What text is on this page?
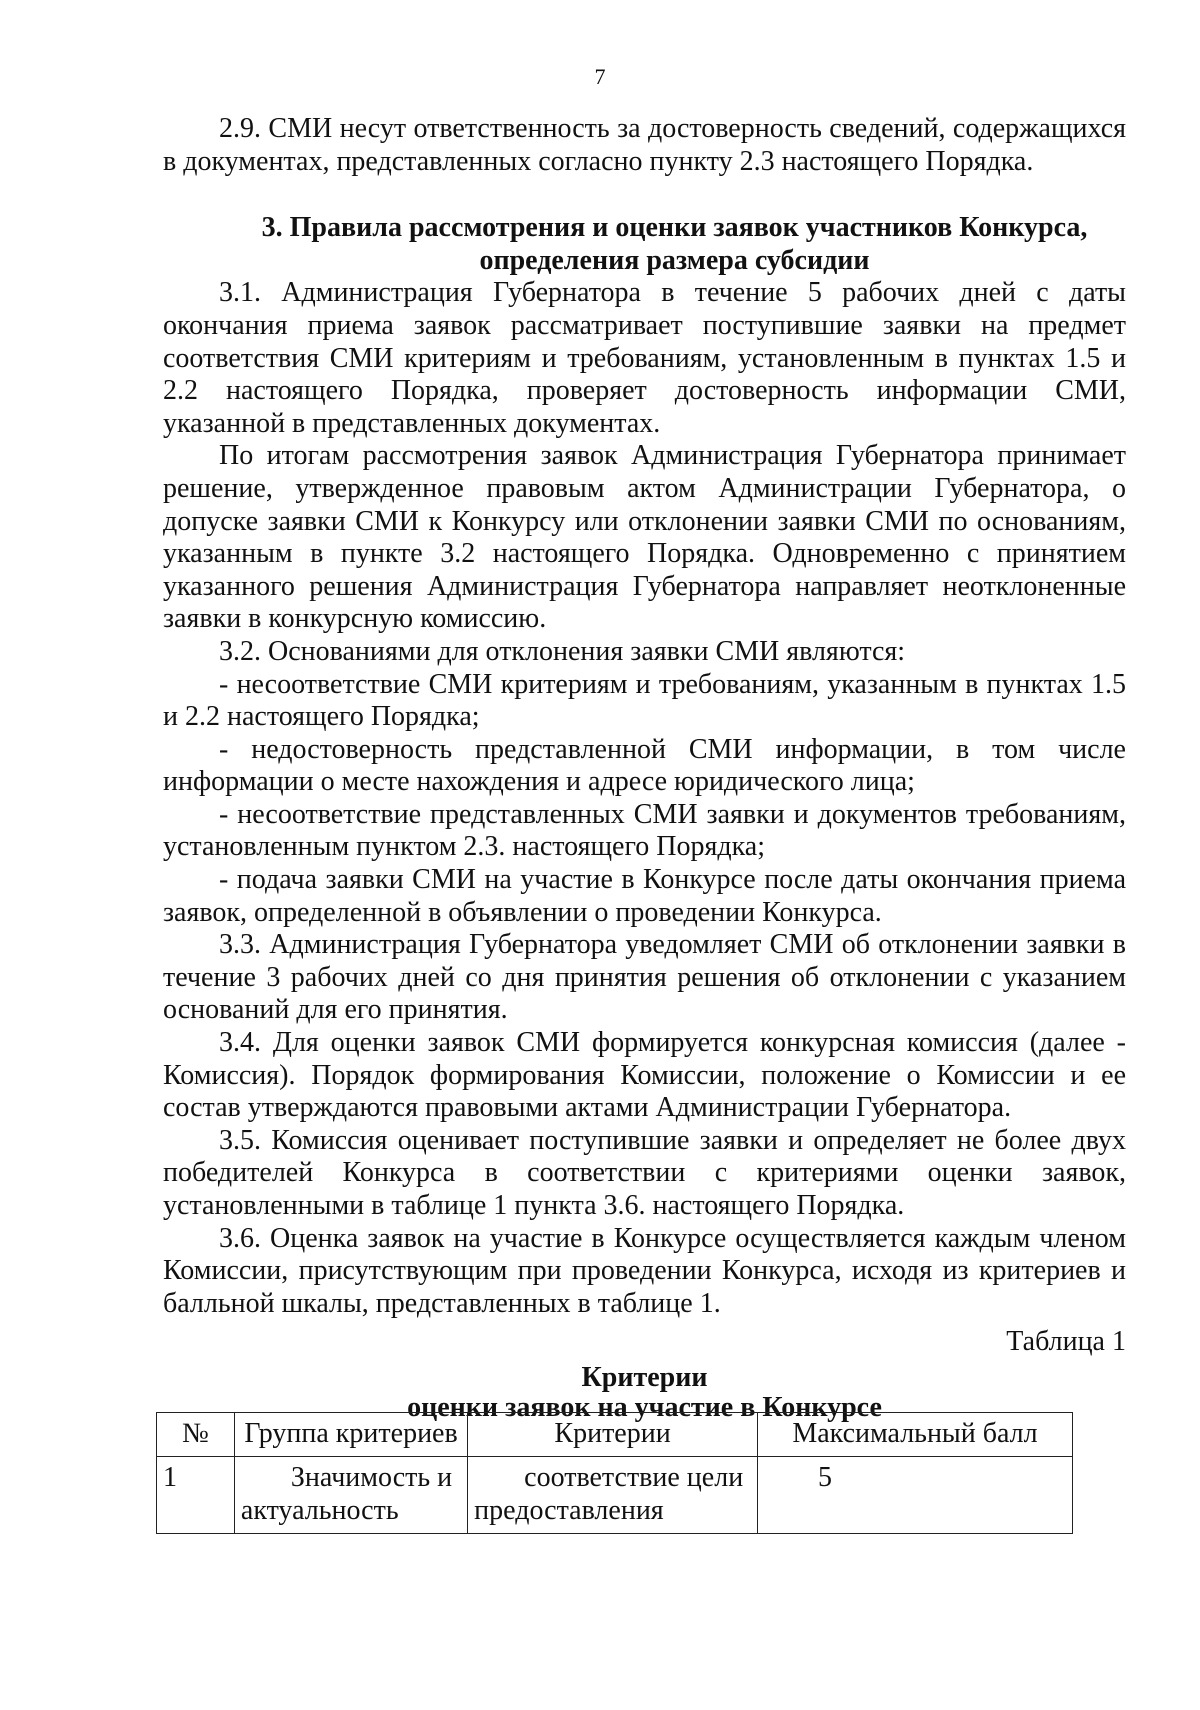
7

2.9. СМИ несут ответственность за достоверность сведений, содержащихся в документах, представленных согласно пункту 2.3 настоящего Порядка.

3. Правила рассмотрения и оценки заявок участников Конкурса,

определения размера субсидии

3.1. Администрация Губернатора в течение 5 рабочих дней с даты окончания приема заявок рассматривает поступившие заявки на предмет соответствия СМИ критериям и требованиям, установленным в пунктах 1.5 и 2.2 настоящего Порядка, проверяет достоверность информации СМИ, указанной в представленных документах.

По итогам рассмотрения заявок Администрация Губернатора принимает решение, утвержденное правовым актом Администрации Губернатора, о допуске заявки СМИ к Конкурсу или отклонении заявки СМИ по основаниям, указанным в пункте 3.2 настоящего Порядка. Одновременно с принятием указанного решения Администрация Губернатора направляет неотклоненные заявки в конкурсную комиссию.

3.2. Основаниями для отклонения заявки СМИ являются:

- несоответствие СМИ критериям и требованиям, указанным в пунктах 1.5 и 2.2 настоящего Порядка;

- недостоверность представленной СМИ информации, в том числе информации о месте нахождения и адресе юридического лица;

- несоответствие представленных СМИ заявки и документов требованиям, установленным пунктом 2.3. настоящего Порядка;

- подача заявки СМИ на участие в Конкурсе после даты окончания приема заявок, определенной в объявлении о проведении Конкурса.

3.3. Администрация Губернатора уведомляет СМИ об отклонении заявки в течение 3 рабочих дней со дня принятия решения об отклонении с указанием оснований для его принятия.

3.4. Для оценки заявок СМИ формируется конкурсная комиссия (далее - Комиссия). Порядок формирования Комиссии, положение о Комиссии и ее состав утверждаются правовыми актами Администрации Губернатора.

3.5. Комиссия оценивает поступившие заявки и определяет не более двух победителей Конкурса в соответствии с критериями оценки заявок, установленными в таблице 1 пункта 3.6. настоящего Порядка.

3.6. Оценка заявок на участие в Конкурсе осуществляется каждым членом Комиссии, присутствующим при проведении Конкурса, исходя из критериев и балльной шкалы, представленных в таблице 1.

Таблица 1

Критерии

оценки заявок на участие в Конкурсе

№	Группа критериев	Критерии	Максимальный балл
1	Значимость и актуальность	соответствие цели предоставления	5
